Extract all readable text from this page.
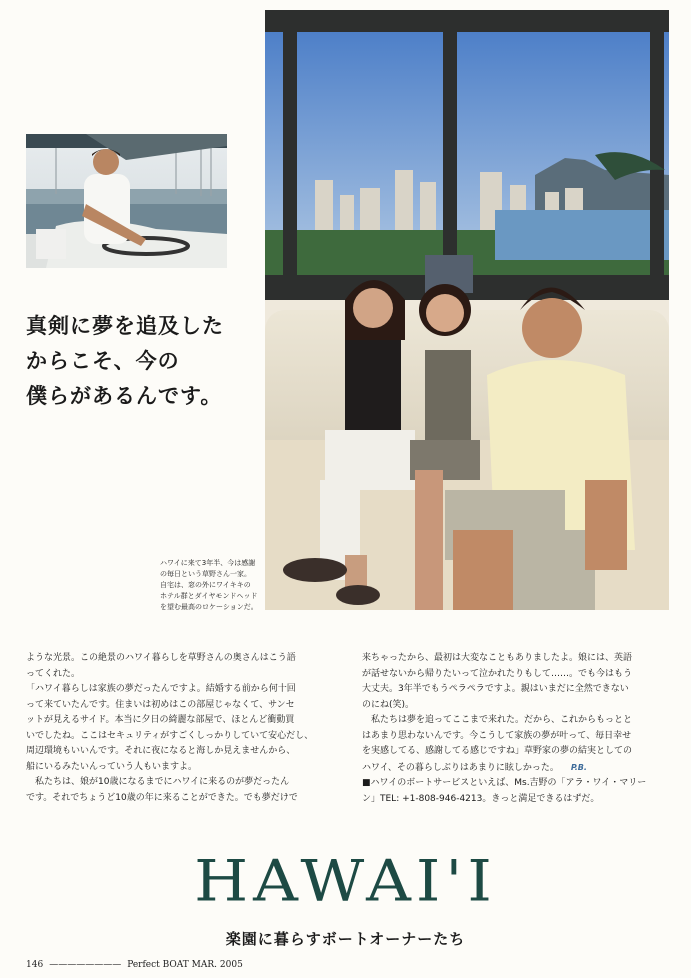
真剣に夢を追及した
からこそ、今の
僕らがあるんです。
ハワイに来て3年半、今は感謝
の毎日という草野さん一家。
自宅は、窓の外にワイキキの
ホテル群とダイヤモンドヘッド
を望む最高のロケーションだ。
ような光景。この絶景のハワイ暮らしを草野さんの奥さんはこう語
ってくれた。
「ハワイ暮らしは家族の夢だったんですよ。結婚する前から何十回
って来ていたんです。住まいは初めはこの部屋じゃなくて、サンセ
ットが見えるサイド。本当に夕日の綺麗な部屋で、ほとんど衝動買
いでしたね。ここはセキュリティがすごくしっかりしていて安心だし、
周辺環境もいいんです。それに夜になると海しか見えませんから、
船にいるみたいんっていう人もいますよ。
私たちは、娘が10歳になるまでにハワイに来るのが夢だったん
です。それでちょうど10歳の年に来ることができた。でも夢だけで
来ちゃったから、最初は大変なこともありましたよ。娘には、英語
が話せないから帰りたいって泣かれたりもして……。でも今はもう
大丈夫。3年半でもうペラペラですよ。親はいまだに全然できない
のにね(笑)。
私たちは夢を追ってここまで来れた。だから、これからもっとと
はあまり思わないんです。今こうして家族の夢が叶って、毎日幸せ
を実感してる、感謝してる感じですね」草野家の夢の結実としての
ハワイ、その暮らしぶりはあまりに眩しかった。 P.B.
■ハワイのボートサービスといえば、Ms.吉野の「アラ・ワイ・マリー
ン」TEL: +1-808-946-4213。きっと満足できるはずだ。
HAWAI'I
楽園に暮らすボートオーナーたち
146 ———————— Perfect BOAT MAR. 2005
